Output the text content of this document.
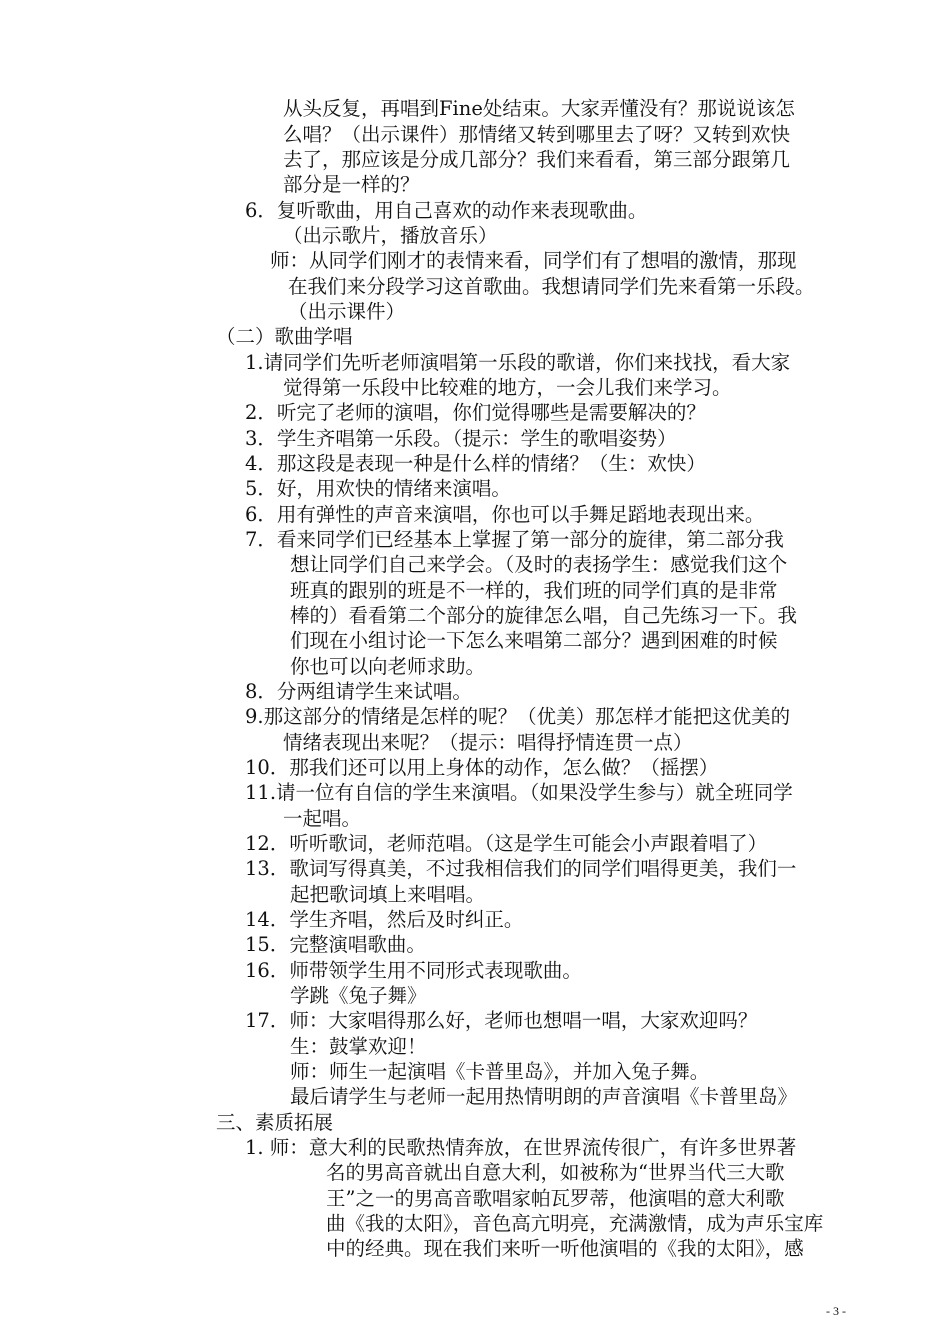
从头反复，再唱到Fine处结束。大家弄懂没有？那说说该怎
么唱？（出示课件）那情绪又转到哪里去了呀？又转到欢快
去了，那应该是分成几部分？我们来看看，第三部分跟第几
部分是一样的？
6．复听歌曲，用自己喜欢的动作来表现歌曲。
（出示歌片，播放音乐）
师：从同学们刚才的表情来看，同学们有了想唱的激情，那现
在我们来分段学习这首歌曲。我想请同学们先来看第一乐段。
（出示课件）
（二）歌曲学唱
1.请同学们先听老师演唱第一乐段的歌谱，你们来找找，看大家
觉得第一乐段中比较难的地方，一会儿我们来学习。
2．听完了老师的演唱，你们觉得哪些是需要解决的？
3．学生齐唱第一乐段。（提示：学生的歌唱姿势）
4．那这段是表现一种是什么样的情绪？（生：欢快）
5．好，用欢快的情绪来演唱。
6．用有弹性的声音来演唱，你也可以手舞足蹈地表现出来。
7．看来同学们已经基本上掌握了第一部分的旋律，第二部分我
想让同学们自己来学会。（及时的表扬学生：感觉我们这个
班真的跟别的班是不一样的，我们班的同学们真的是非常
棒的）看看第二个部分的旋律怎么唱，自己先练习一下。我
们现在小组讨论一下怎么来唱第二部分？遇到困难的时候
你也可以向老师求助。
8．分两组请学生来试唱。
9.那这部分的情绪是怎样的呢？（优美）那怎样才能把这优美的
情绪表现出来呢？（提示：唱得抒情连贯一点）
10．那我们还可以用上身体的动作，怎么做？（摇摆）
11.请一位有自信的学生来演唱。（如果没学生参与）就全班同学
一起唱。
12．听听歌词，老师范唱。（这是学生可能会小声跟着唱了）
13．歌词写得真美，不过我相信我们的同学们唱得更美，我们一
起把歌词填上来唱唱。
14．学生齐唱，然后及时纠正。
15．完整演唱歌曲。
16．师带领学生用不同形式表现歌曲。
学跳《兔子舞》
17．师：大家唱得那么好，老师也想唱一唱，大家欢迎吗？
生：鼓掌欢迎！
师：师生一起演唱《卡普里岛》，并加入兔子舞。
最后请学生与老师一起用热情明朗的声音演唱《卡普里岛》
三、素质拓展
1. 师：意大利的民歌热情奔放，在世界流传很广，有许多世界著
名的男高音就出自意大利，如被称为“世界当代三大歌
王”之一的男高音歌唱家帕瓦罗蒂，他演唱的意大利歌
曲《我的太阳》，音色高亢明亮，充满激情，成为声乐宝库
中的经典。现在我们来听一听他演唱的《我的太阳》，感
- 3 -
